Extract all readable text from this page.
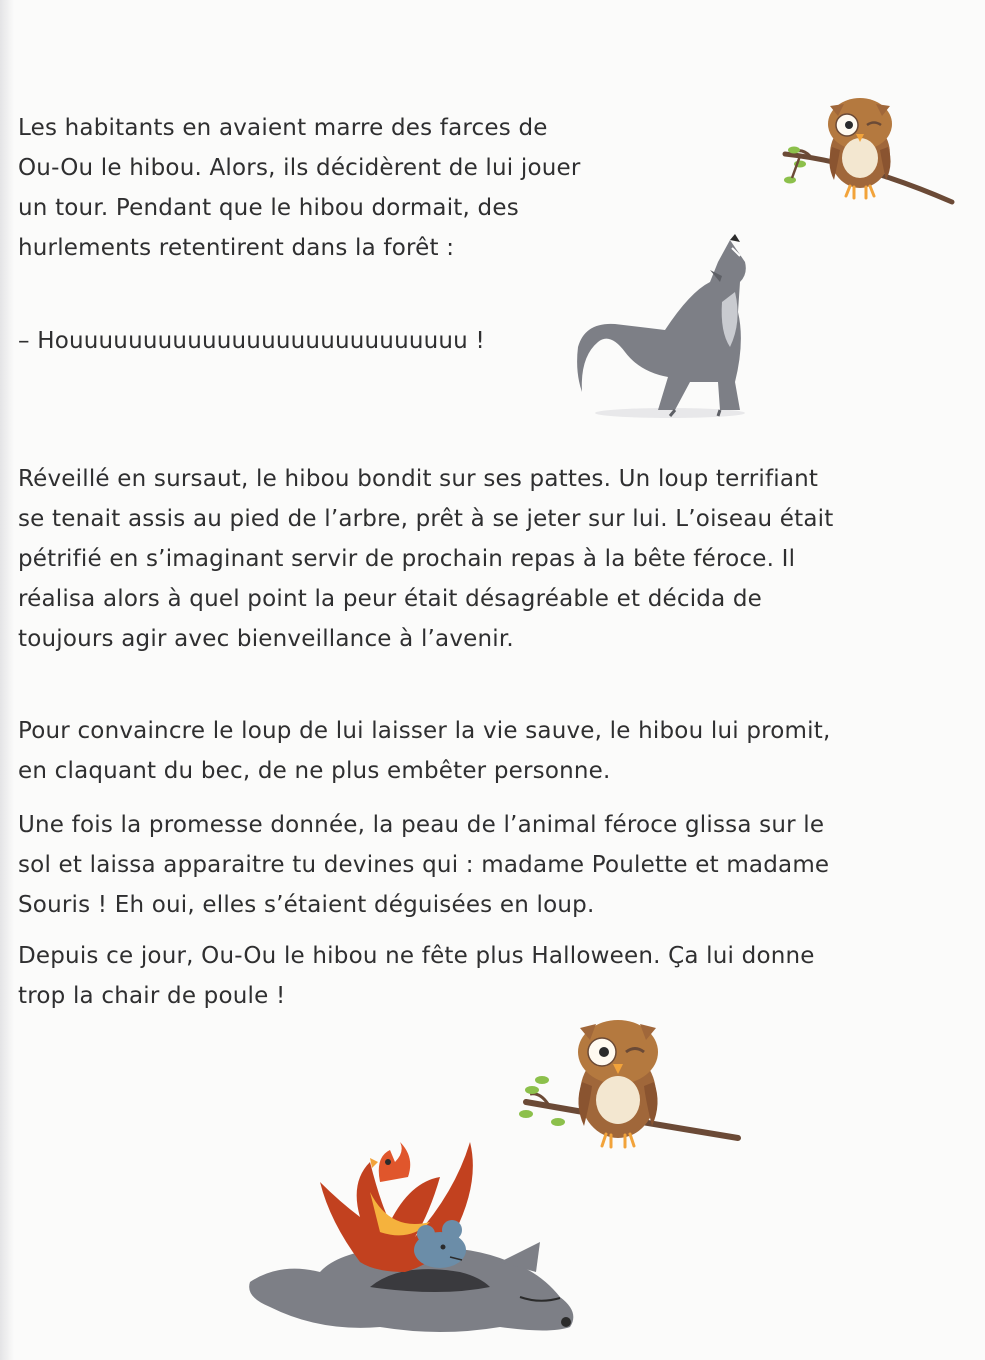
Les habitants en avaient marre des farces de Ou-Ou le hibou. Alors, ils décidèrent de lui jouer un tour. Pendant que le hibou dormait, des hurlements retentirent dans la forêt :

– Houuuuuuuuuuuuuuuuuuuuuuuuuuu !

Réveillé en sursaut, le hibou bondit sur ses pattes. Un loup terrifiant se tenait assis au pied de l’arbre, prêt à se jeter sur lui. L’oiseau était pétrifié en s’imaginant servir de prochain repas à la bête féroce. Il réalisa alors à quel point la peur était désagréable et décida de toujours agir avec bienveillance à l’avenir.

Pour convaincre le loup de lui laisser la vie sauve, le hibou lui promit, en claquant du bec, de ne plus embêter personne.

Une fois la promesse donnée, la peau de l’animal féroce glissa sur le sol et laissa apparaitre tu devines qui : madame Poulette et madame Souris ! Eh oui, elles s’étaient déguisées en loup.

Depuis ce jour, Ou-Ou le hibou ne fête plus Halloween. Ça lui donne trop la chair de poule !
